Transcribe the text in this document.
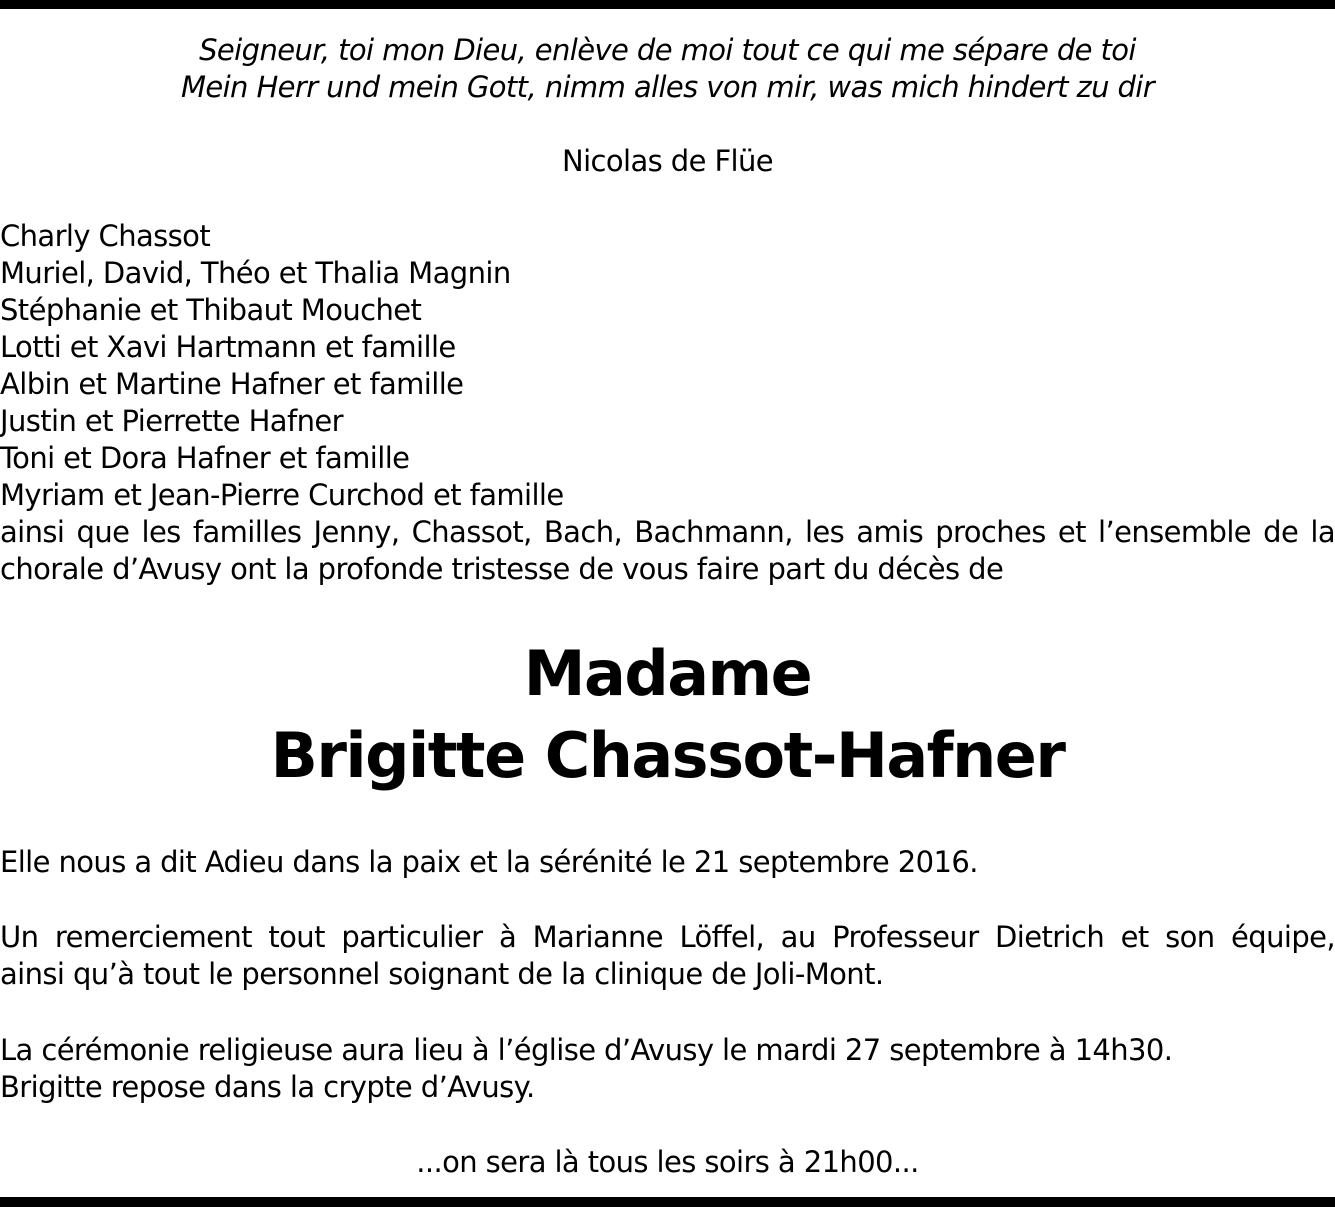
Seigneur, toi mon Dieu, enlève de moi tout ce qui me sépare de toi
Mein Herr und mein Gott, nimm alles von mir, was mich hindert zu dir
Nicolas de Flüe
Charly Chassot
Muriel, David, Théo et Thalia Magnin
Stéphanie et Thibaut Mouchet
Lotti et Xavi Hartmann et famille
Albin et Martine Hafner et famille
Justin et Pierrette Hafner
Toni et Dora Hafner et famille
Myriam et Jean-Pierre Curchod et famille
ainsi que les familles Jenny, Chassot, Bach, Bachmann, les amis proches et l’ensemble de la
chorale d’Avusy ont la profonde tristesse de vous faire part du décès de
Madame
Brigitte Chassot-Hafner
Elle nous a dit Adieu dans la paix et la sérénité le 21 septembre 2016.
Un remerciement tout particulier à Marianne Löffel, au Professeur Dietrich et son équipe,
ainsi qu’à tout le personnel soignant de la clinique de Joli-Mont.
La cérémonie religieuse aura lieu à l’église d’Avusy le mardi 27 septembre à 14h30.
Brigitte repose dans la crypte d’Avusy.
...on sera là tous les soirs à 21h00...
